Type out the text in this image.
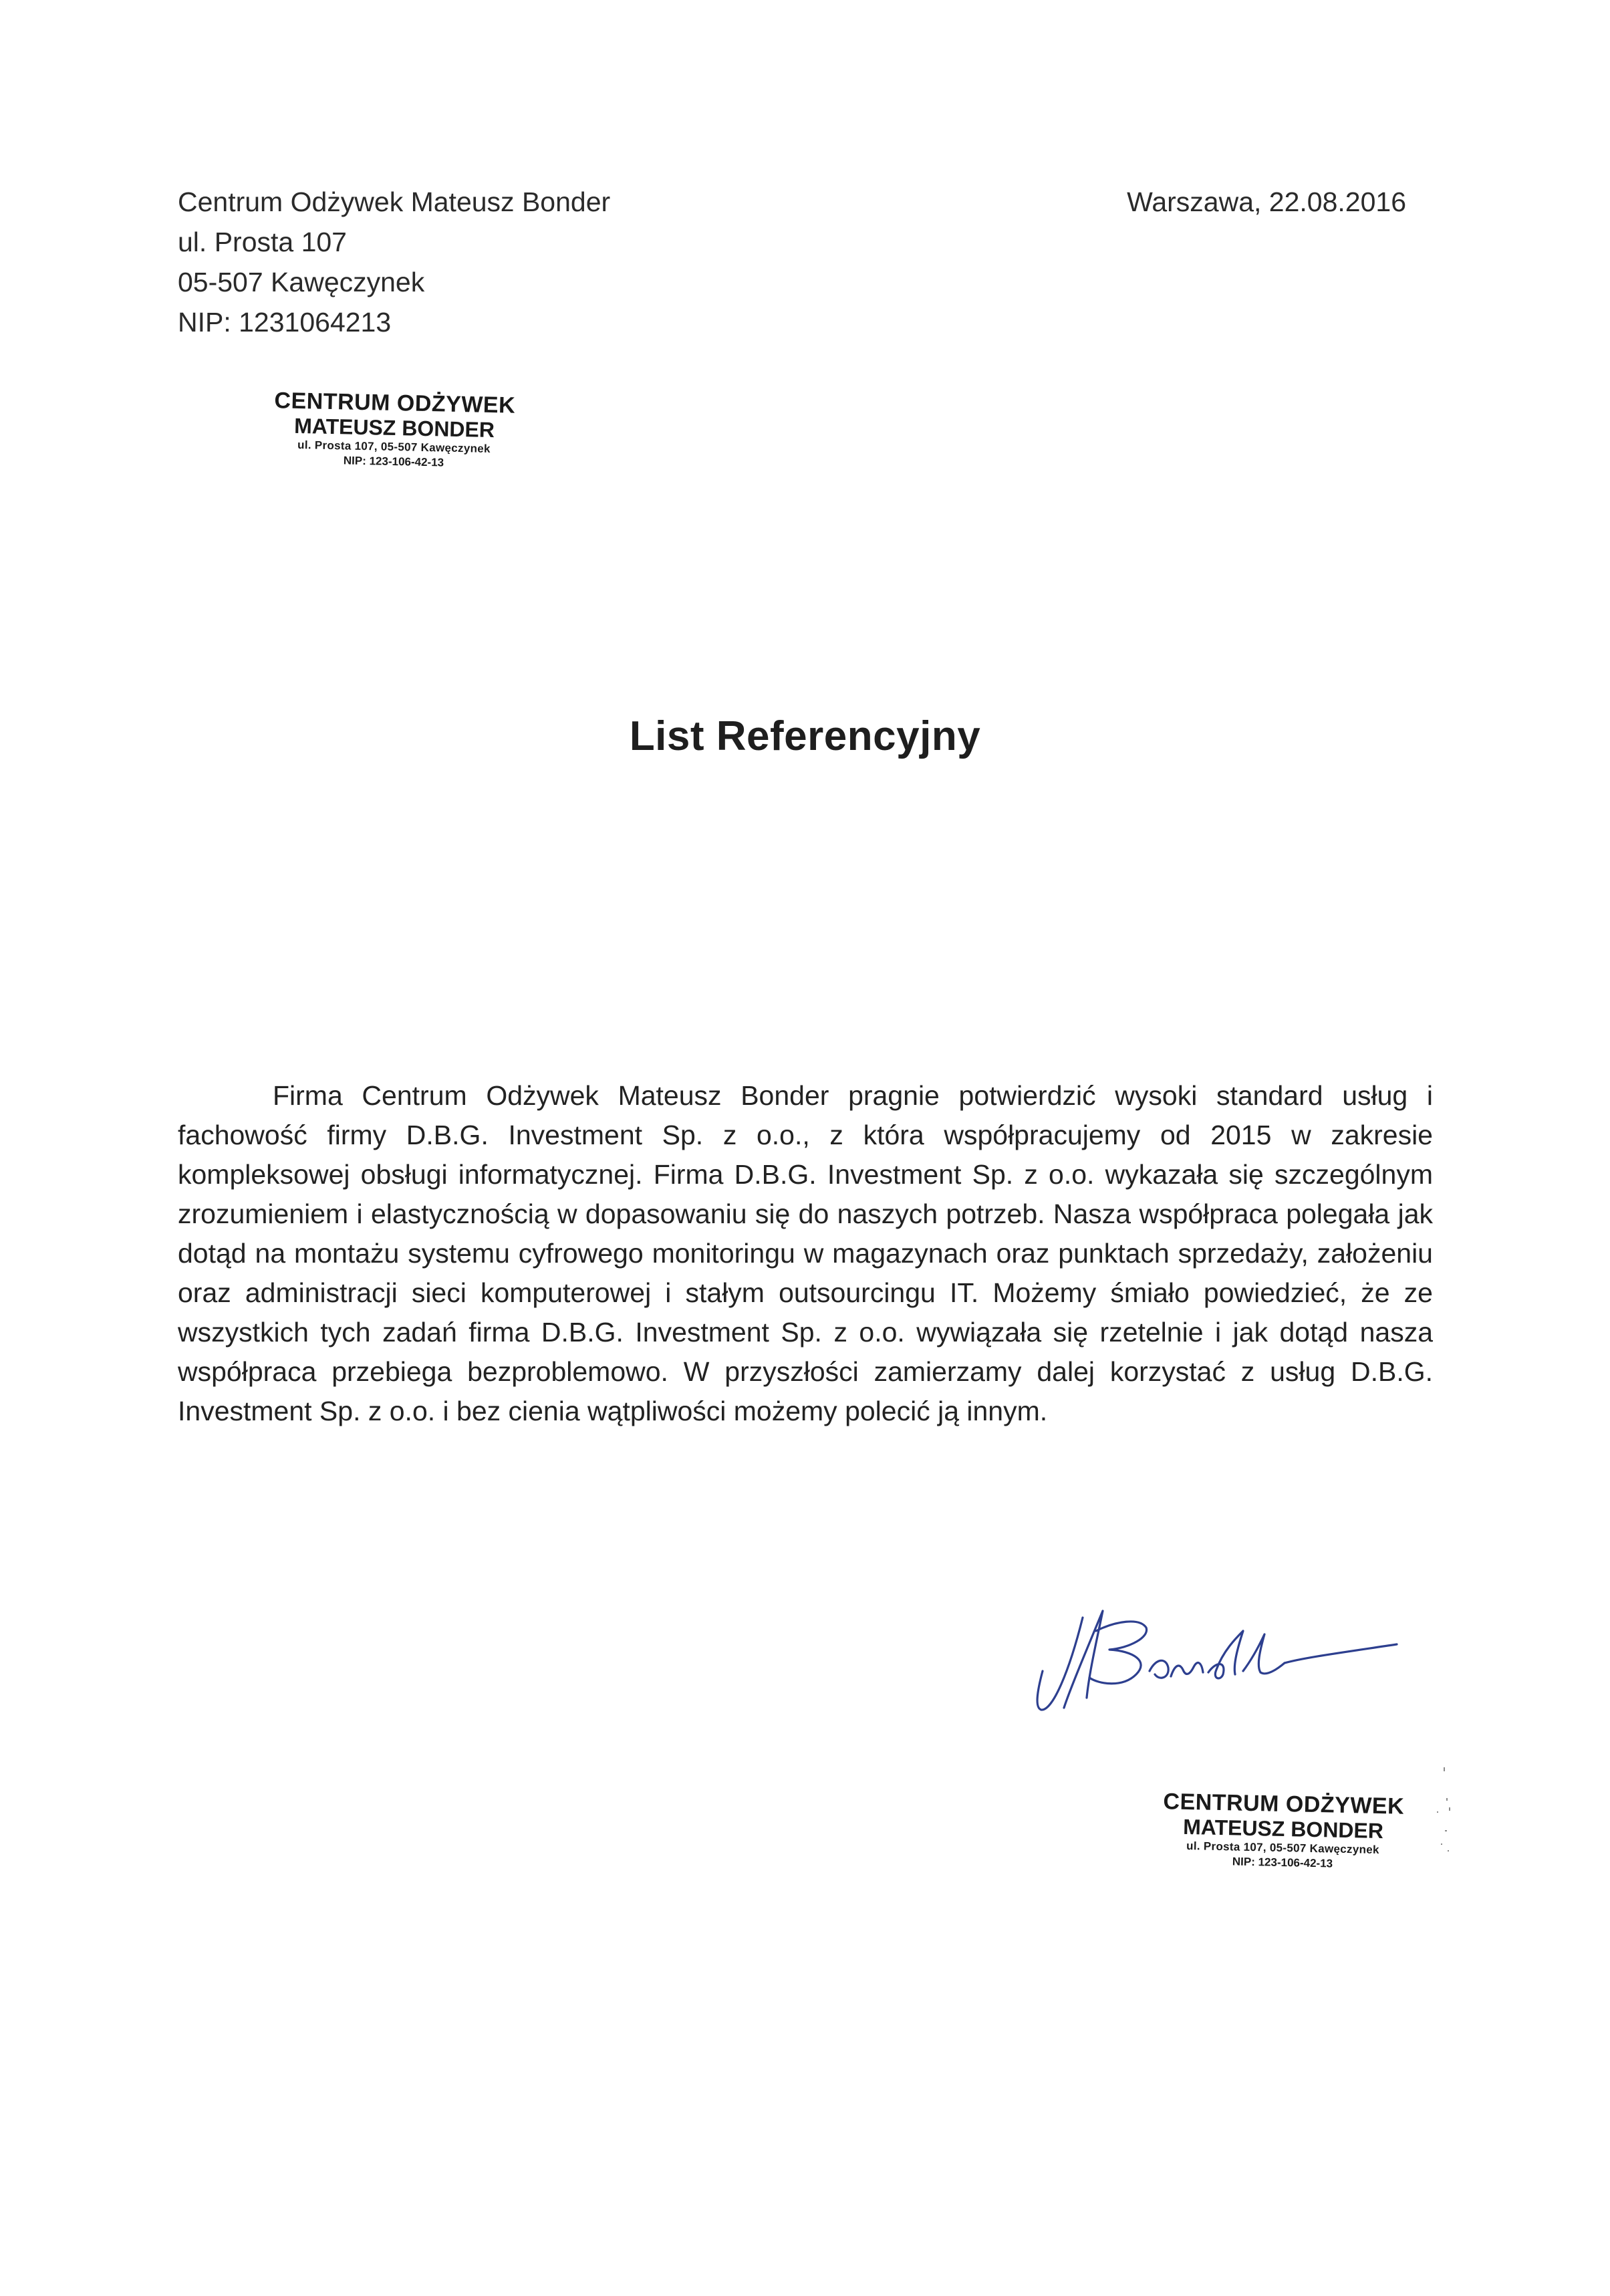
Centrum Odżywek Mateusz Bonder
ul. Prosta 107
05-507 Kawęczynek
NIP: 1231064213
Warszawa, 22.08.2016
CENTRUM ODŻYWEK
MATEUSZ BONDER
ul. Prosta 107, 05-507 Kawęczynek
NIP: 123-106-42-13
List Referencyjny
Firma Centrum Odżywek Mateusz Bonder pragnie potwierdzić wysoki standard usług i fachowość firmy D.B.G. Investment Sp. z o.o., z która współpracujemy od 2015 w zakresie kompleksowej obsługi informatycznej. Firma D.B.G. Investment Sp. z o.o. wykazała się szczególnym zrozumieniem i elastycznością w dopasowaniu się do naszych potrzeb. Nasza współpraca polegała jak dotąd na montażu systemu cyfrowego monitoringu w magazynach oraz punktach sprzedaży, założeniu oraz administracji sieci komputerowej i stałym outsourcingu IT. Możemy śmiało powiedzieć, że ze wszystkich tych zadań firma D.B.G. Investment Sp. z o.o. wywiązała się rzetelnie i jak dotąd nasza współpraca przebiega bezproblemowo. W przyszłości zamierzamy dalej korzystać z usług D.B.G. Investment Sp. z o.o. i bez cienia wątpliwości możemy polecić ją innym.
CENTRUM ODŻYWEK
MATEUSZ BONDER
ul. Prosta 107, 05-507 Kawęczynek
NIP: 123-106-42-13
